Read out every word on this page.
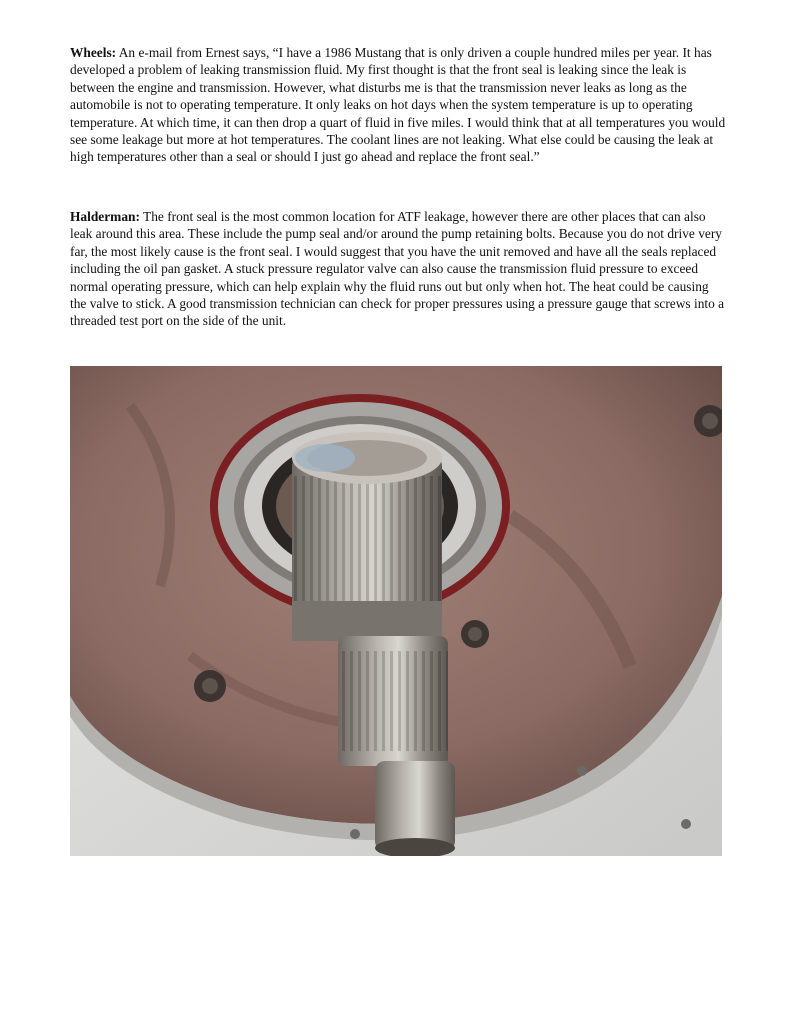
Wheels: An e-mail from Ernest says, “I have a 1986 Mustang that is only driven a couple hundred miles per year. It has developed a problem of leaking transmission fluid. My first thought is that the front seal is leaking since the leak is between the engine and transmission. However, what disturbs me is that the transmission never leaks as long as the automobile is not to operating temperature. It only leaks on hot days when the system temperature is up to operating temperature. At which time, it can then drop a quart of fluid in five miles. I would think that at all temperatures you would see some leakage but more at hot temperatures. The coolant lines are not leaking. What else could be causing the leak at high temperatures other than a seal or should I just go ahead and replace the front seal.”

Halderman: The front seal is the most common location for ATF leakage, however there are other places that can also leak around this area. These include the pump seal and/or around the pump retaining bolts. Because you do not drive very far, the most likely cause is the front seal. I would suggest that you have the unit removed and have all the seals replaced including the oil pan gasket. A stuck pressure regulator valve can also cause the transmission fluid pressure to exceed normal operating pressure, which can help explain why the fluid runs out but only when hot. The heat could be causing the valve to stick. A good transmission technician can check for proper pressures using a pressure gauge that screws into a threaded test port on the side of the unit.
